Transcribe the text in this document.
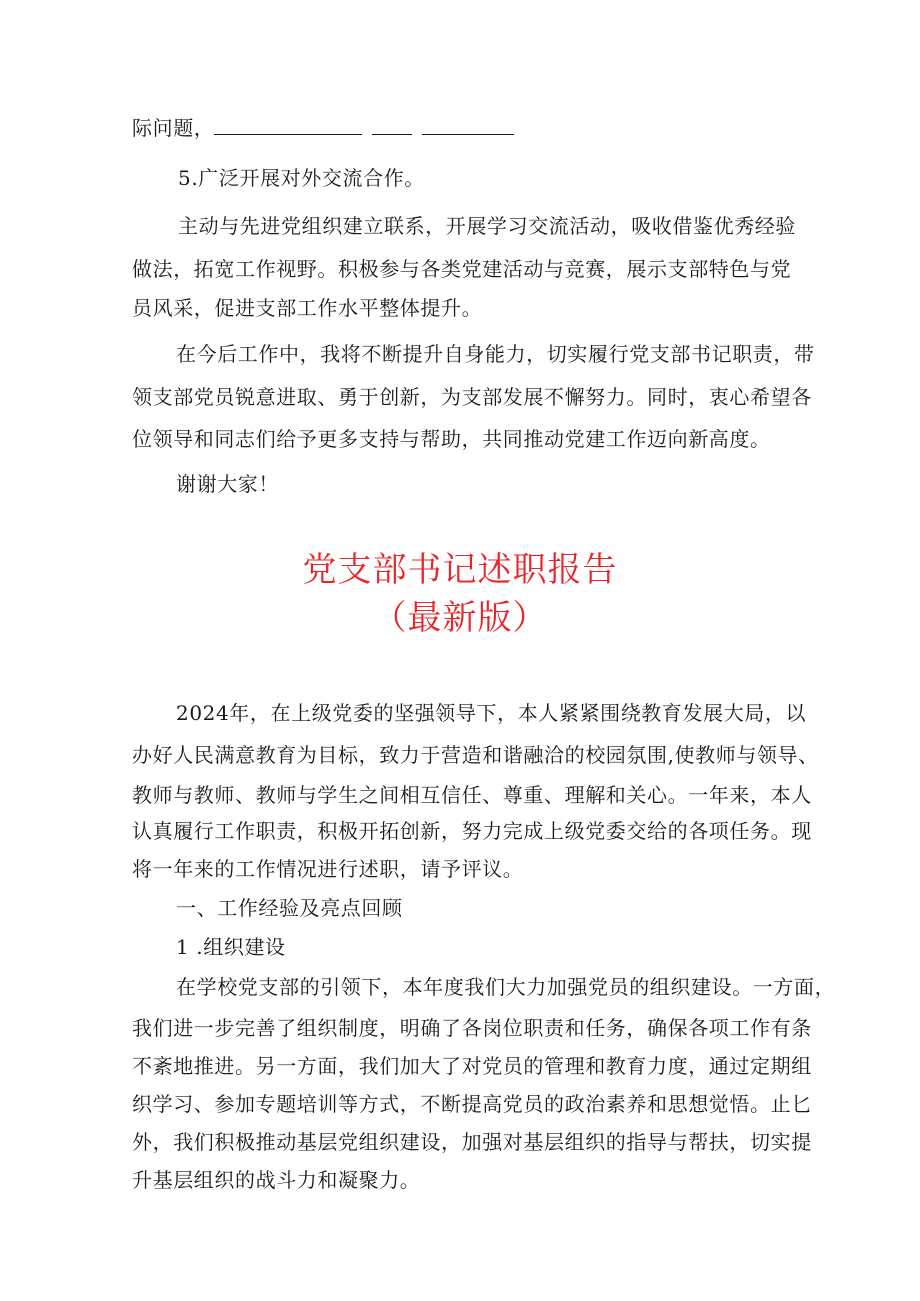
际问题，
5.广泛开展对外交流合作。
主动与先进党组织建立联系，开展学习交流活动，吸收借鉴优秀经验
做法，拓宽工作视野。积极参与各类党建活动与竞赛，展示支部特色与党
员风采，促进支部工作水平整体提升。
在今后工作中，我将不断提升自身能力，切实履行党支部书记职责，带
领支部党员锐意进取、勇于创新，为支部发展不懈努力。同时，衷心希望各
位领导和同志们给予更多支持与帮助，共同推动党建工作迈向新高度。
谢谢大家！
党支部书记述职报告
（最新版）
2024年，在上级党委的坚强领导下，本人紧紧围绕教育发展大局，以
办好人民满意教育为目标，致力于营造和谐融洽的校园氛围,使教师与领导、
教师与教师、教师与学生之间相互信任、尊重、理解和关心。一年来，本人
认真履行工作职责，积极开拓创新，努力完成上级党委交给的各项任务。现
将一年来的工作情况进行述职，请予评议。
一、工作经验及亮点回顾
1 .组织建设
在学校党支部的引领下，本年度我们大力加强党员的组织建设。一方面，
我们进一步完善了组织制度，明确了各岗位职责和任务，确保各项工作有条
不紊地推进。另一方面，我们加大了对党员的管理和教育力度，通过定期组
织学习、参加专题培训等方式，不断提高党员的政治素养和思想觉悟。止匕
外，我们积极推动基层党组织建设，加强对基层组织的指导与帮扶，切实提
升基层组织的战斗力和凝聚力。
